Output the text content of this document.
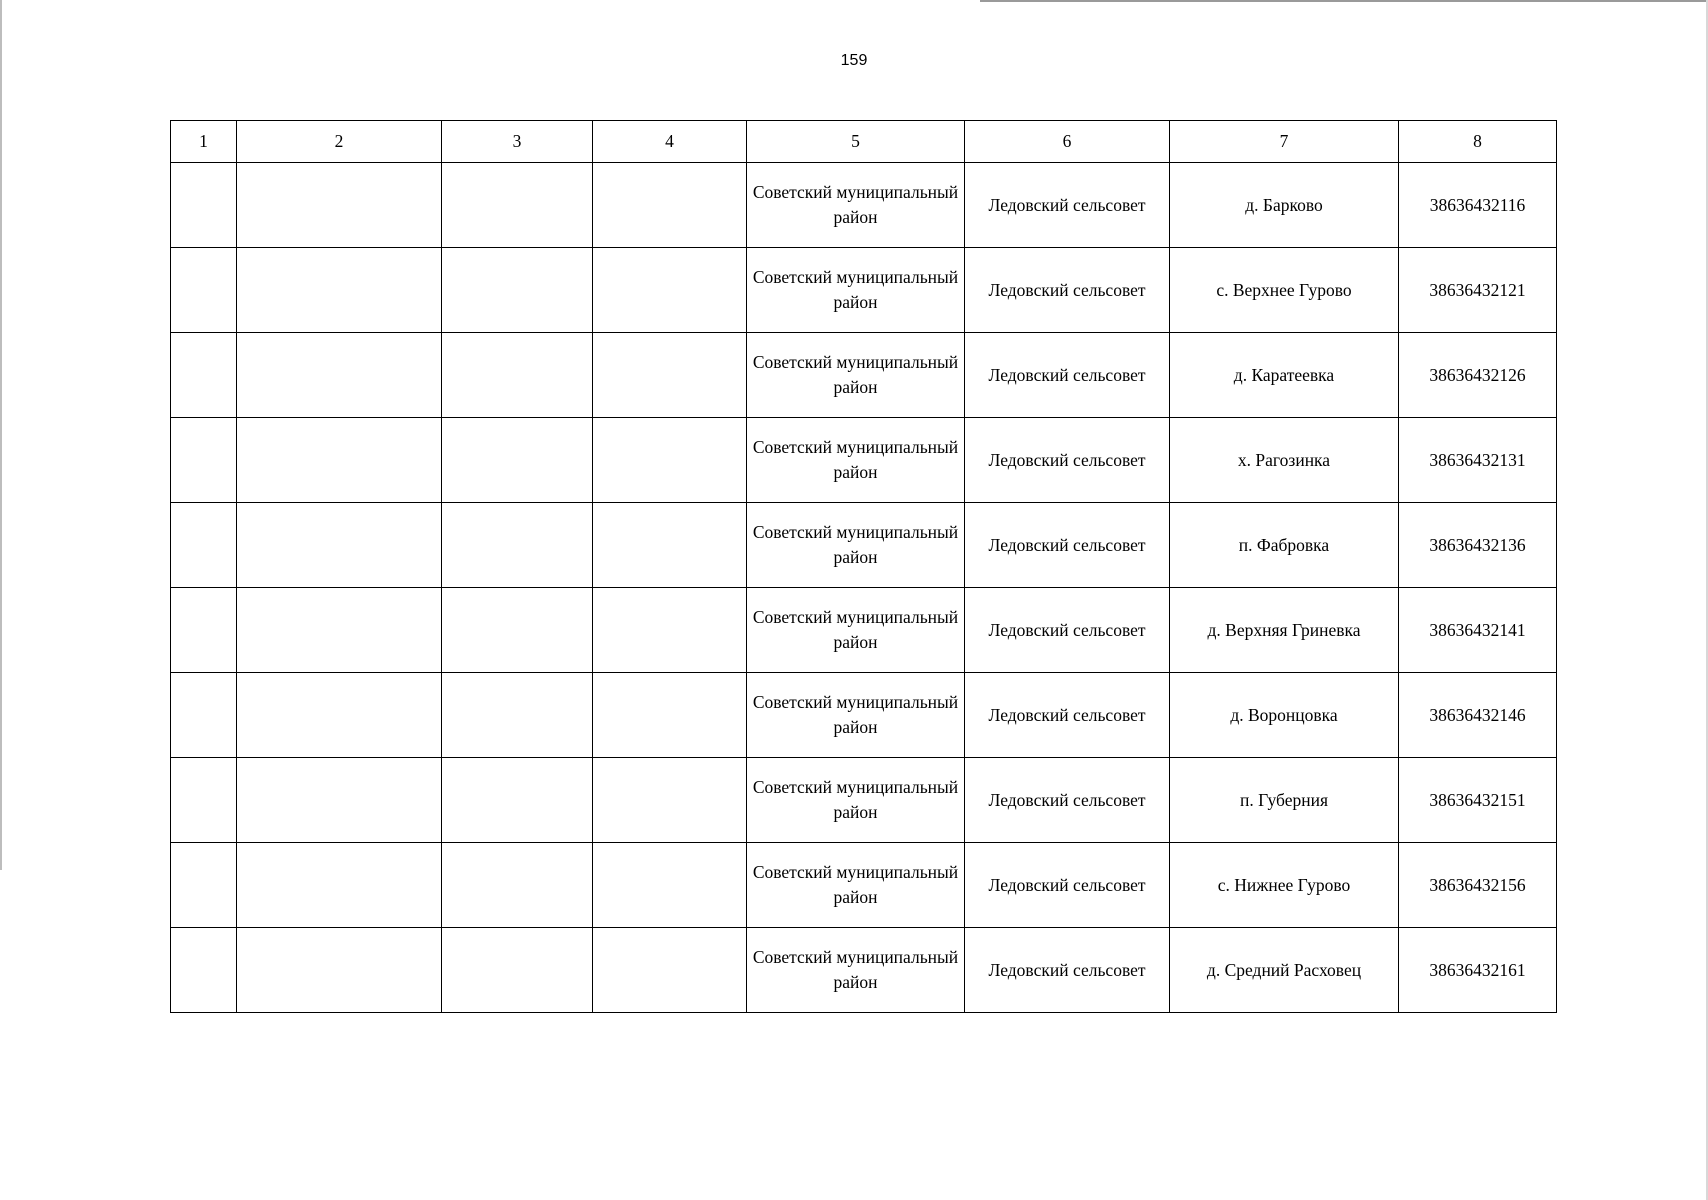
159
1	2	3	4	5	6	7	8
				Советский муниципальный район	Ледовский сельсовет	д. Барково	38636432116
				Советский муниципальный район	Ледовский сельсовет	с. Верхнее Гурово	38636432121
				Советский муниципальный район	Ледовский сельсовет	д. Каратеевка	38636432126
				Советский муниципальный район	Ледовский сельсовет	х. Рагозинка	38636432131
				Советский муниципальный район	Ледовский сельсовет	п. Фабровка	38636432136
				Советский муниципальный район	Ледовский сельсовет	д. Верхняя Гриневка	38636432141
				Советский муниципальный район	Ледовский сельсовет	д. Воронцовка	38636432146
				Советский муниципальный район	Ледовский сельсовет	п. Губерния	38636432151
				Советский муниципальный район	Ледовский сельсовет	с. Нижнее Гурово	38636432156
				Советский муниципальный район	Ледовский сельсовет	д. Средний Расховец	38636432161
